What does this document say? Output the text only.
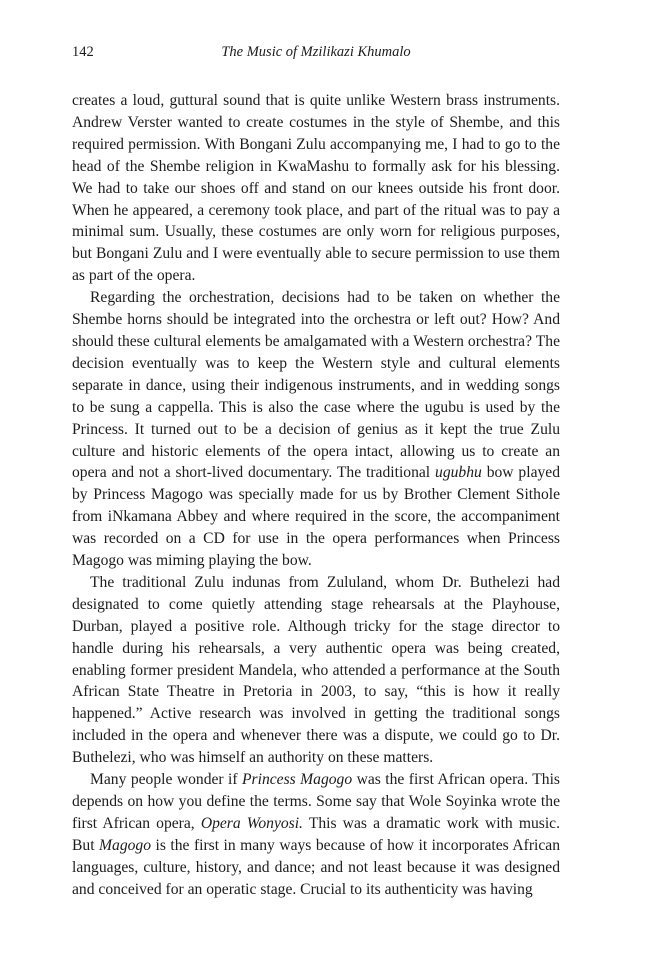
142	The Music of Mzilikazi Khumalo

creates a loud, guttural sound that is quite unlike Western brass instruments. Andrew Verster wanted to create costumes in the style of Shembe, and this required permission. With Bongani Zulu accompanying me, I had to go to the head of the Shembe religion in KwaMashu to formally ask for his blessing. We had to take our shoes off and stand on our knees outside his front door. When he appeared, a ceremony took place, and part of the ritual was to pay a minimal sum. Usually, these costumes are only worn for religious purposes, but Bongani Zulu and I were eventually able to secure permission to use them as part of the opera.

Regarding the orchestration, decisions had to be taken on whether the Shembe horns should be integrated into the orchestra or left out? How? And should these cultural elements be amalgamated with a Western orchestra? The decision eventually was to keep the Western style and cultural elements separate in dance, using their indigenous instruments, and in wedding songs to be sung a cappella. This is also the case where the ugubu is used by the Princess. It turned out to be a decision of genius as it kept the true Zulu culture and historic elements of the opera intact, allowing us to create an opera and not a short-lived documentary. The traditional ugubhu bow played by Princess Magogo was specially made for us by Brother Clement Sithole from iNkamana Abbey and where required in the score, the accompaniment was recorded on a CD for use in the opera performances when Princess Magogo was miming playing the bow.

The traditional Zulu indunas from Zululand, whom Dr. Buthelezi had designated to come quietly attending stage rehearsals at the Playhouse, Durban, played a positive role. Although tricky for the stage director to handle during his rehearsals, a very authentic opera was being created, enabling former president Mandela, who attended a performance at the South African State Theatre in Pretoria in 2003, to say, “this is how it really happened.” Active research was involved in getting the traditional songs included in the opera and whenever there was a dispute, we could go to Dr. Buthelezi, who was himself an authority on these matters.

Many people wonder if Princess Magogo was the first African opera. This depends on how you define the terms. Some say that Wole Soyinka wrote the first African opera, Opera Wonyosi. This was a dramatic work with music. But Magogo is the first in many ways because of how it incorporates African languages, culture, history, and dance; and not least because it was designed and conceived for an operatic stage. Crucial to its authenticity was having
